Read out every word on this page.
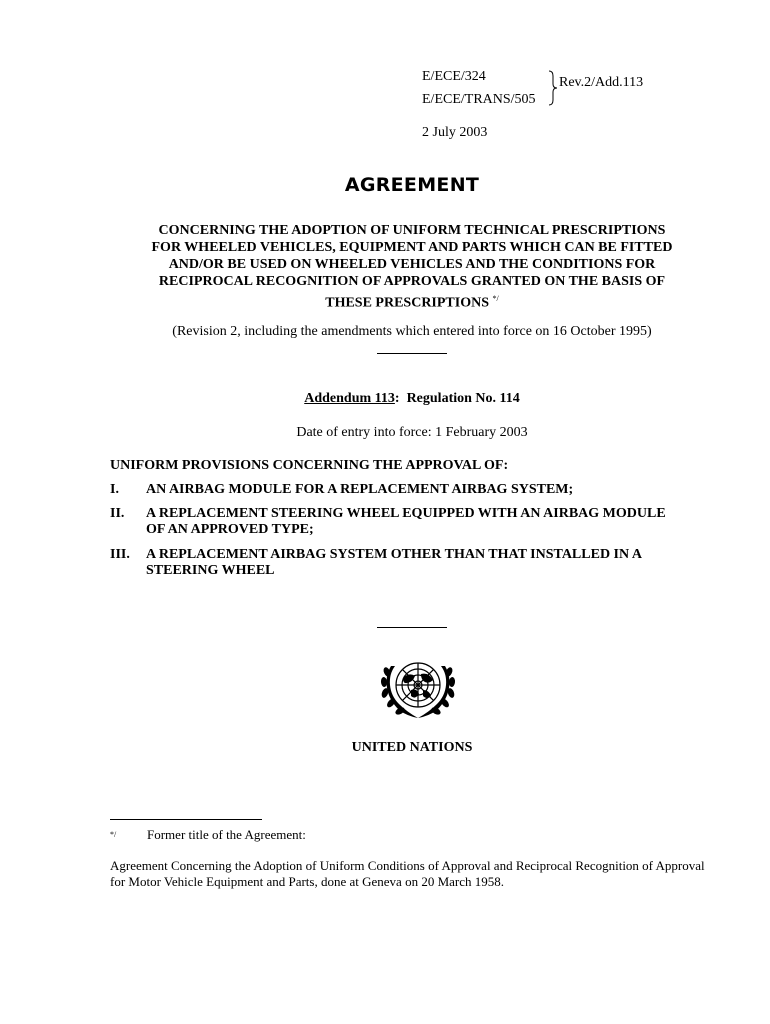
E/ECE/324
E/ECE/TRANS/505
Rev.2/Add.113
2 July 2003
AGREEMENT
CONCERNING THE ADOPTION OF UNIFORM TECHNICAL PRESCRIPTIONS
FOR WHEELED VEHICLES, EQUIPMENT AND PARTS WHICH CAN BE FITTED
AND/OR BE USED ON WHEELED VEHICLES AND THE CONDITIONS FOR
RECIPROCAL RECOGNITION OF APPROVALS GRANTED ON THE BASIS OF
THESE PRESCRIPTIONS */
(Revision 2, including the amendments which entered into force on 16 October 1995)
Addendum 113: Regulation No. 114
Date of entry into force: 1 February 2003
UNIFORM PROVISIONS CONCERNING THE APPROVAL OF:
I. AN AIRBAG MODULE FOR A REPLACEMENT AIRBAG SYSTEM;
II. A REPLACEMENT STEERING WHEEL EQUIPPED WITH AN AIRBAG MODULE OF AN APPROVED TYPE;
III. A REPLACEMENT AIRBAG SYSTEM OTHER THAN THAT INSTALLED IN A STEERING WHEEL
UNITED NATIONS
*/ Former title of the Agreement:
Agreement Concerning the Adoption of Uniform Conditions of Approval and Reciprocal Recognition of Approval for Motor Vehicle Equipment and Parts, done at Geneva on 20 March 1958.
